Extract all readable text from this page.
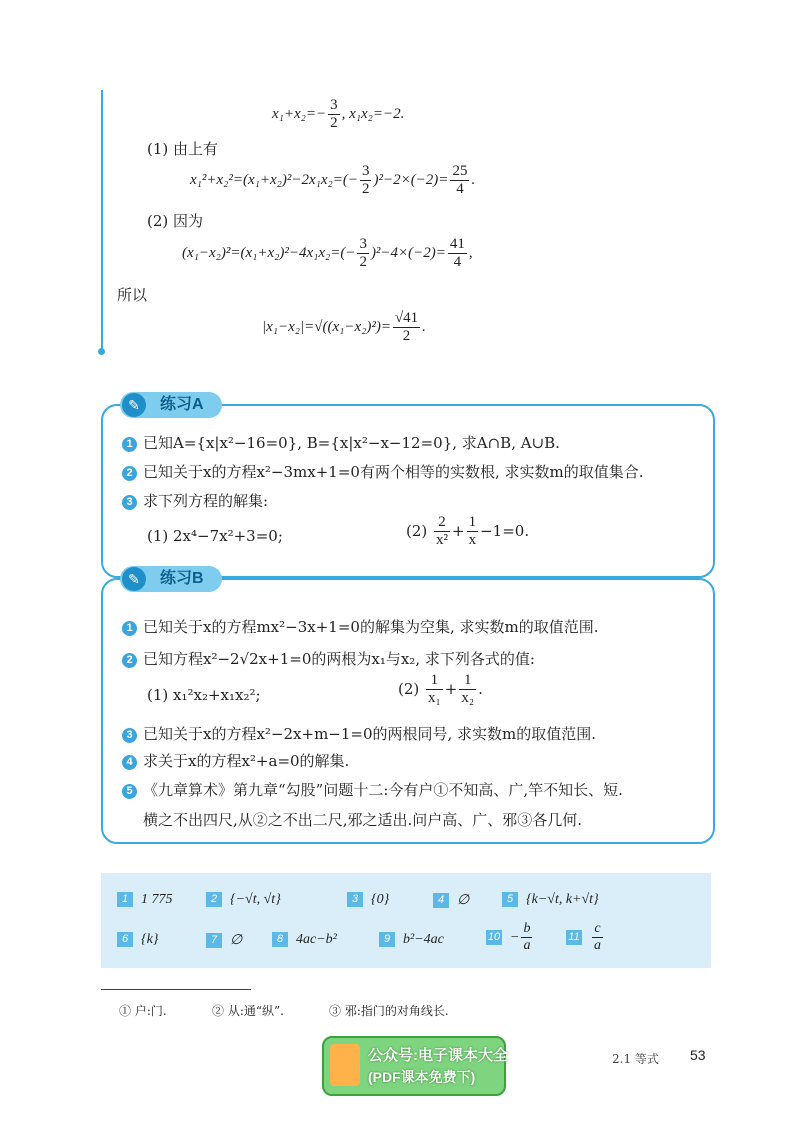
$x_1+x_2=- \frac{3}{2}$ , x₁x₂=−2.
(1) 由上有
$x_1^2+x_2^2=(x_1+x_2)^2-2x_1x_2=(- \frac{3}{2} )^2-2\times(-2)= \frac{25}{4}$ .
(2) 因为
$(x_1-x_2)^2=(x_1+x_2)^2-4x_1x_2=(- \frac{3}{2} )^2-4\times(-2)= \frac{41}{4}$ ,
所以
$|x_1-x_2|=√((x_1-x_2)^2)= \frac{√41}{2}$ .
✎	练习A
1 已知A={x|x²−16=0}, B={x|x²−x−12=0}, 求A∩B, A∪B.
2 已知关于x的方程x²−3mx+1=0有两个相等的实数根, 求实数m的取值集合.
3 求下列方程的解集:
(1) 2x⁴−7x²+3=0;	$(2) \frac{2}{\text{x²}} + \frac{1}{x} -1=0$.
✎	练习B
1 已知关于x的方程mx²−3x+1=0的解集为空集, 求实数m的取值范围.
2 已知方程x²−2√2x+1=0的两根为x₁与x₂, 求下列各式的值:
(1) x₁²x₂+x₁x₂²;	$(2) \frac{1}{\text{x₁}} + \frac{1}{\text{x₂}}$ .
3 已知关于x的方程x²−2x+m−1=0的两根同号, 求实数m的取值范围.
4 求关于x的方程x²+a=0的解集.
5 《九章算术》第九章“勾股”问题十二:今有户①不知高、广,竿不知长、短.
横之不出四尺,从②之不出二尺,邪之适出.问户高、广、邪③各几何.
1 1 775	2 {−√t, √t}	3 {0}	4 ∅	5 {k−√t, k+√t}
6 {k}	7 ∅	8 4ac−b²	9 b²−4ac	$10 - \frac{b}{a}$	$11 \frac{c}{a}$
① 户:门.	② 从:通“纵”.	③ 邪:指门的对角线长.
公众号:电子课本大全
(PDF课本免费下)
2.1 等式 53
